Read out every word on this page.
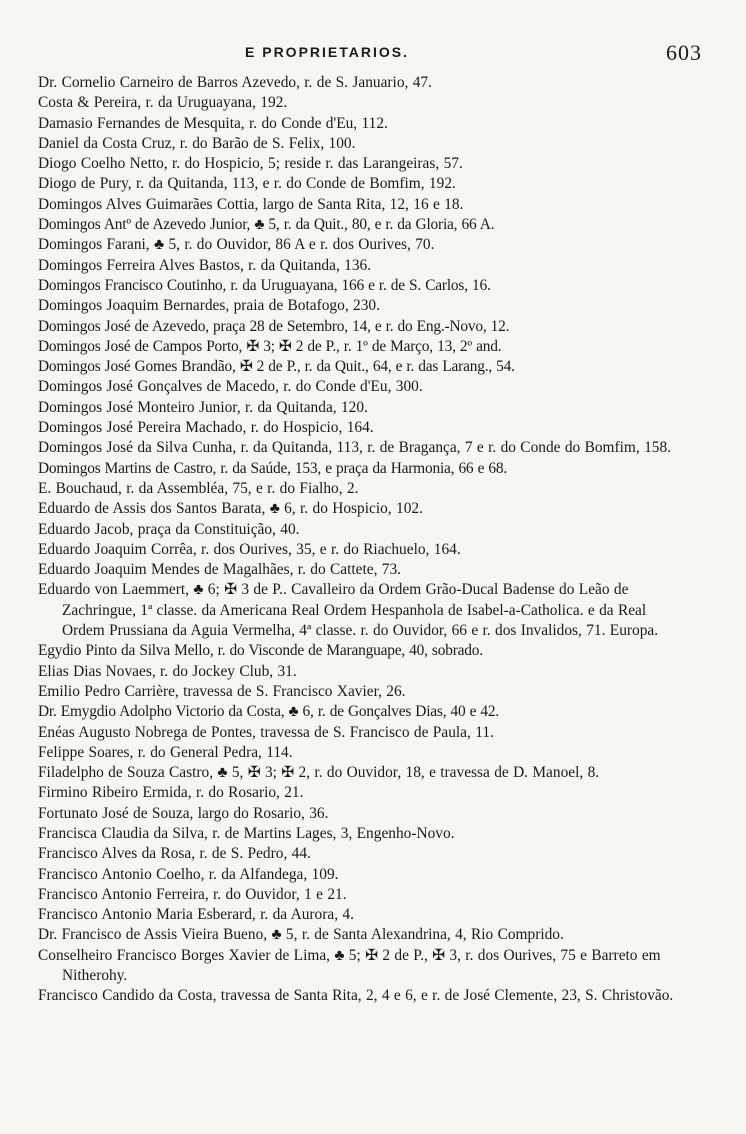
E PROPRIETARIOS.	603
Dr. Cornelio Carneiro de Barros Azevedo, r. de S. Januario, 47.
Costa & Pereira, r. da Uruguayana, 192.
Damasio Fernandes de Mesquita, r. do Conde d'Eu, 112.
Daniel da Costa Cruz, r. do Barão de S. Felix, 100.
Diogo Coelho Netto, r. do Hospicio, 5; reside r. das Larangeiras, 57.
Diogo de Pury, r. da Quitanda, 113, e r. do Conde de Bomfim, 192.
Domingos Alves Guimarães Cottia, largo de Santa Rita, 12, 16 e 18.
Domingos Antº de Azevedo Junior, ♣ 5, r. da Quit., 80, e r. da Gloria, 66 A.
Domingos Farani, ♣ 5, r. do Ouvidor, 86 A e r. dos Ourives, 70.
Domingos Ferreira Alves Bastos, r. da Quitanda, 136.
Domingos Francisco Coutinho, r. da Uruguayana, 166 e r. de S. Carlos, 16.
Domingos Joaquim Bernardes, praia de Botafogo, 230.
Domingos José de Azevedo, praça 28 de Setembro, 14, e r. do Eng.-Novo, 12.
Domingos José de Campos Porto, ✠ 3; ✠ 2 de P., r. 1º de Março, 13, 2º and.
Domingos José Gomes Brandão, ✠ 2 de P., r. da Quit., 64, e r. das Larang., 54.
Domingos José Gonçalves de Macedo, r. do Conde d'Eu, 300.
Domingos José Monteiro Junior, r. da Quitanda, 120.
Domingos José Pereira Machado, r. do Hospicio, 164.
Domingos José da Silva Cunha, r. da Quitanda, 113, r. de Bragança, 7 e r. do Conde do Bomfim, 158.
Domingos Martins de Castro, r. da Saúde, 153, e praça da Harmonia, 66 e 68.
E. Bouchaud, r. da Assembléa, 75, e r. do Fialho, 2.
Eduardo de Assis dos Santos Barata, ♣ 6, r. do Hospicio, 102.
Eduardo Jacob, praça da Constituição, 40.
Eduardo Joaquim Corrêa, r. dos Ourives, 35, e r. do Riachuelo, 164.
Eduardo Joaquim Mendes de Magalhães, r. do Cattete, 73.
Eduardo von Laemmert, ♣ 6; ✠ 3 de P.. Cavalleiro da Ordem Grão-Ducal Badense do Leão de Zachringue, 1ª classe. da Americana Real Ordem Hespanhola de Isabel-a-Catholica. e da Real Ordem Prussiana da Aguia Vermelha, 4ª classe. r. do Ouvidor, 66 e r. dos Invalidos, 71. Europa.
Egydio Pinto da Silva Mello, r. do Visconde de Maranguape, 40, sobrado.
Elias Dias Novaes, r. do Jockey Club, 31.
Emilio Pedro Carrière, travessa de S. Francisco Xavier, 26.
Dr. Emygdio Adolpho Victorio da Costa, ♣ 6, r. de Gonçalves Dias, 40 e 42.
Enéas Augusto Nobrega de Pontes, travessa de S. Francisco de Paula, 11.
Felippe Soares, r. do General Pedra, 114.
Filadelpho de Souza Castro, ♣ 5, ✠ 3; ✠ 2, r. do Ouvidor, 18, e travessa de D. Manoel, 8.
Firmino Ribeiro Ermida, r. do Rosario, 21.
Fortunato José de Souza, largo do Rosario, 36.
Francisca Claudia da Silva, r. de Martins Lages, 3, Engenho-Novo.
Francisco Alves da Rosa, r. de S. Pedro, 44.
Francisco Antonio Coelho, r. da Alfandega, 109.
Francisco Antonio Ferreira, r. do Ouvidor, 1 e 21.
Francisco Antonio Maria Esberard, r. da Aurora, 4.
Dr. Francisco de Assis Vieira Bueno, ♣ 5, r. de Santa Alexandrina, 4, Rio Comprido.
Conselheiro Francisco Borges Xavier de Lima, ♣ 5; ✠ 2 de P., ✠ 3, r. dos Ourives, 75 e Barreto em Nitherohy.
Francisco Candido da Costa, travessa de Santa Rita, 2, 4 e 6, e r. de José Clemente, 23, S. Christovão.
